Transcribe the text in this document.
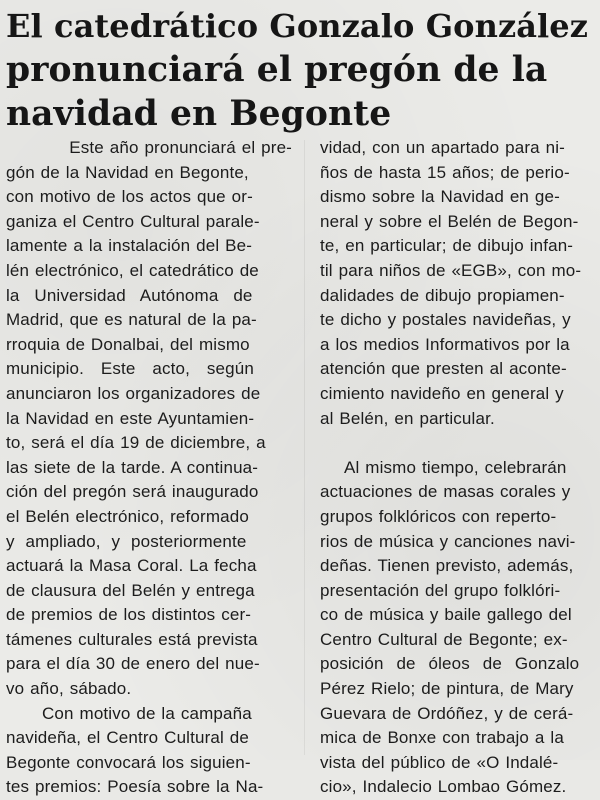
El catedrático Gonzalo González
pronunciará el pregón de la
navidad en Begonte
Este año pronunciará el pre-
gón de la Navidad en Begonte,
con motivo de los actos que or-
ganiza el Centro Cultural parale-
lamente a la instalación del Be-
lén electrónico, el catedrático de
la Universidad Autónoma de
Madrid, que es natural de la pa-
rroquia de Donalbai, del mismo
municipio. Este acto, según
anunciaron los organizadores de
la Navidad en este Ayuntamien-
to, será el día 19 de diciembre, a
las siete de la tarde. A continua-
ción del pregón será inaugurado
el Belén electrónico, reformado
y ampliado, y posteriormente
actuará la Masa Coral. La fecha
de clausura del Belén y entrega
de premios de los distintos cer-
támenes culturales está prevista
para el día 30 de enero del nue-
vo año, sábado.
Con motivo de la campaña
navideña, el Centro Cultural de
Begonte convocará los siguien-
tes premios: Poesía sobre la Na-
vidad, con un apartado para ni-
ños de hasta 15 años; de perio-
dismo sobre la Navidad en ge-
neral y sobre el Belén de Begon-
te, en particular; de dibujo infan-
til para niños de «EGB», con mo-
dalidades de dibujo propiamen-
te dicho y postales navideñas, y
a los medios Informativos por la
atención que presten al aconte-
cimiento navideño en general y
al Belén, en particular.
Al mismo tiempo, celebrarán
actuaciones de masas corales y
grupos folklóricos con reperto-
rios de música y canciones navi-
deñas. Tienen previsto, además,
presentación del grupo folklóri-
co de música y baile gallego del
Centro Cultural de Begonte; ex-
posición de óleos de Gonzalo
Pérez Rielo; de pintura, de Mary
Guevara de Ordóñez, y de cerá-
mica de Bonxe con trabajo a la
vista del público de «O Indalé-
cio», Indalecio Lombao Gómez.
